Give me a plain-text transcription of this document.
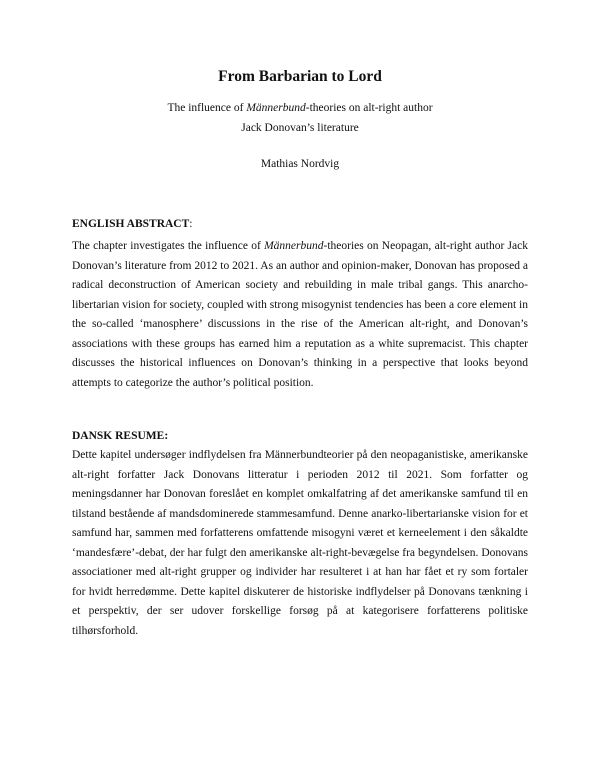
From Barbarian to Lord

The influence of Männerbund-theories on alt-right author
Jack Donovan’s literature

Mathias Nordvig

ENGLISH ABSTRACT:

The chapter investigates the influence of Männerbund-theories on Neopagan, alt-right author Jack Donovan’s literature from 2012 to 2021. As an author and opinion-maker, Donovan has proposed a radical deconstruction of American society and rebuilding in male tribal gangs. This anarcho-libertarian vision for society, coupled with strong misogynist tendencies has been a core element in the so-called ‘manosphere’ discussions in the rise of the American alt-right, and Donovan’s associations with these groups has earned him a reputation as a white supremacist. This chapter discusses the historical influences on Donovan’s thinking in a perspective that looks beyond attempts to categorize the author’s political position.

DANSK RESUME:

Dette kapitel undersøger indflydelsen fra Männerbundteorier på den neopaganistiske, amerikanske alt-right forfatter Jack Donovans litteratur i perioden 2012 til 2021. Som forfatter og meningsdanner har Donovan foreslået en komplet omkalfatring af det amerikanske samfund til en tilstand bestående af mandsdominerede stammesamfund. Denne anarko-libertarianske vision for et samfund har, sammen med forfatterens omfattende misogyni været et kerneelement i den såkaldte ‘mandesfære’-debat, der har fulgt den amerikanske alt-right-bevægelse fra begyndelsen. Donovans associationer med alt-right grupper og individer har resulteret i at han har fået et ry som fortaler for hvidt herredømme. Dette kapitel diskuterer de historiske indflydelser på Donovans tænkning i et perspektiv, der ser udover forskellige forsøg på at kategorisere forfatterens politiske tilhørsforhold.
